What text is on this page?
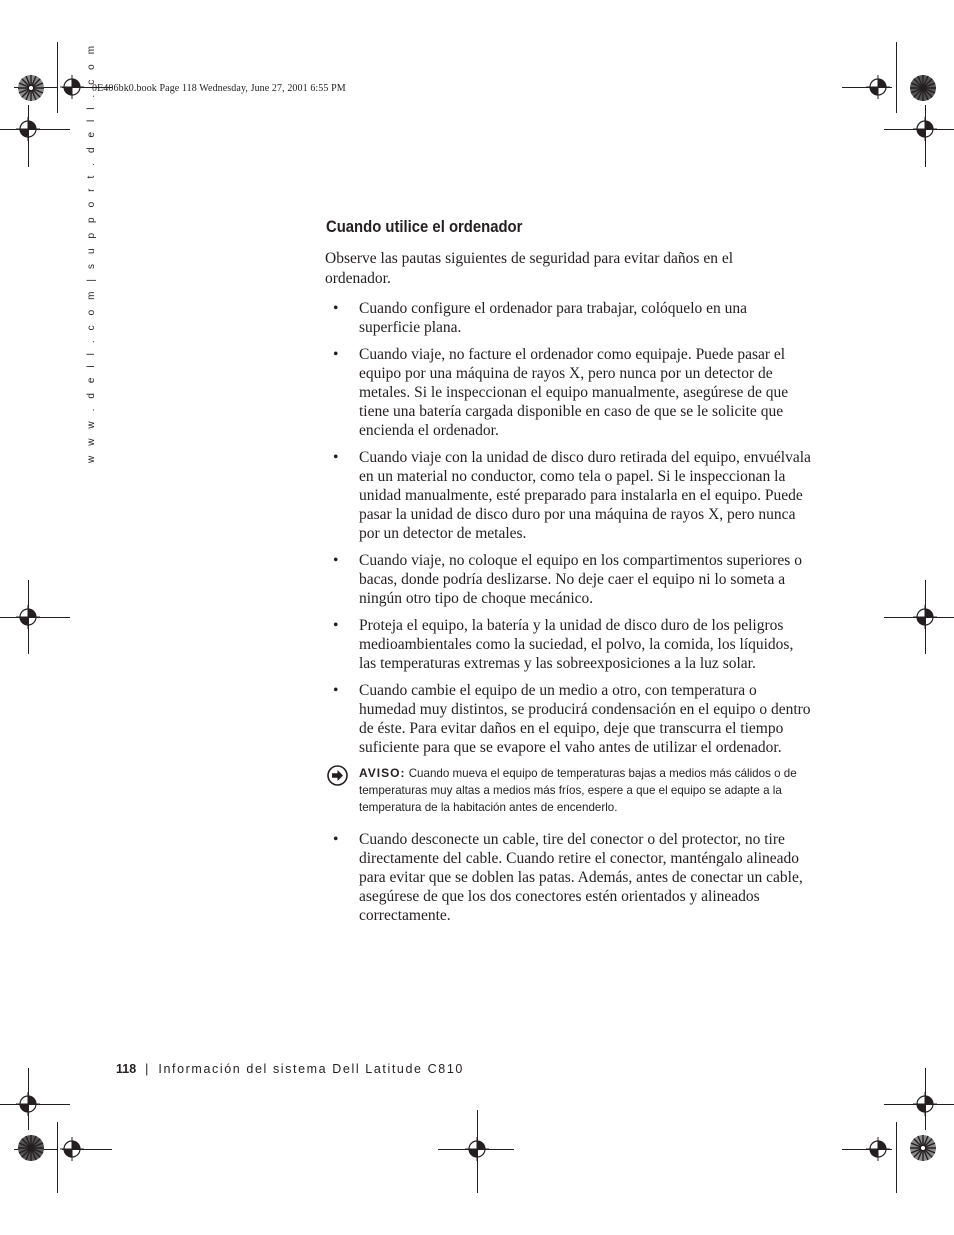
0E406bk0.book Page 118 Wednesday, June 27, 2001 6:55 PM
w w w . d e l l . c o m | s u p p o r t . d e l l . c o m	Cuando utilice el ordenador
Observe las pautas siguientes de seguridad para evitar daños en el ordenador.
• Cuando configure el ordenador para trabajar, colóquelo en una superficie plana.
• Cuando viaje, no facture el ordenador como equipaje. Puede pasar el equipo por una máquina de rayos X, pero nunca por un detector de metales. Si le inspeccionan el equipo manualmente, asegúrese de que tiene una batería cargada disponible en caso de que se le solicite que encienda el ordenador.
• Cuando viaje con la unidad de disco duro retirada del equipo, envuélvala en un material no conductor, como tela o papel. Si le inspeccionan la unidad manualmente, esté preparado para instalarla en el equipo. Puede pasar la unidad de disco duro por una máquina de rayos X, pero nunca por un detector de metales.
• Cuando viaje, no coloque el equipo en los compartimentos superiores o bacas, donde podría deslizarse. No deje caer el equipo ni lo someta a ningún otro tipo de choque mecánico.
• Proteja el equipo, la batería y la unidad de disco duro de los peligros medioambientales como la suciedad, el polvo, la comida, los líquidos, las temperaturas extremas y las sobreexposiciones a la luz solar.
• Cuando cambie el equipo de un medio a otro, con temperatura o humedad muy distintos, se producirá condensación en el equipo o dentro de éste. Para evitar daños en el equipo, deje que transcurra el tiempo suficiente para que se evapore el vaho antes de utilizar el ordenador.
AVISO: Cuando mueva el equipo de temperaturas bajas a medios más cálidos o de temperaturas muy altas a medios más fríos, espere a que el equipo se adapte a la temperatura de la habitación antes de encenderlo.
• Cuando desconecte un cable, tire del conector o del protector, no tire directamente del cable. Cuando retire el conector, manténgalo alineado para evitar que se doblen las patas. Además, antes de conectar un cable, asegúrese de que los dos conectores estén orientados y alineados correctamente.
118 | Información del sistema Dell Latitude C810
